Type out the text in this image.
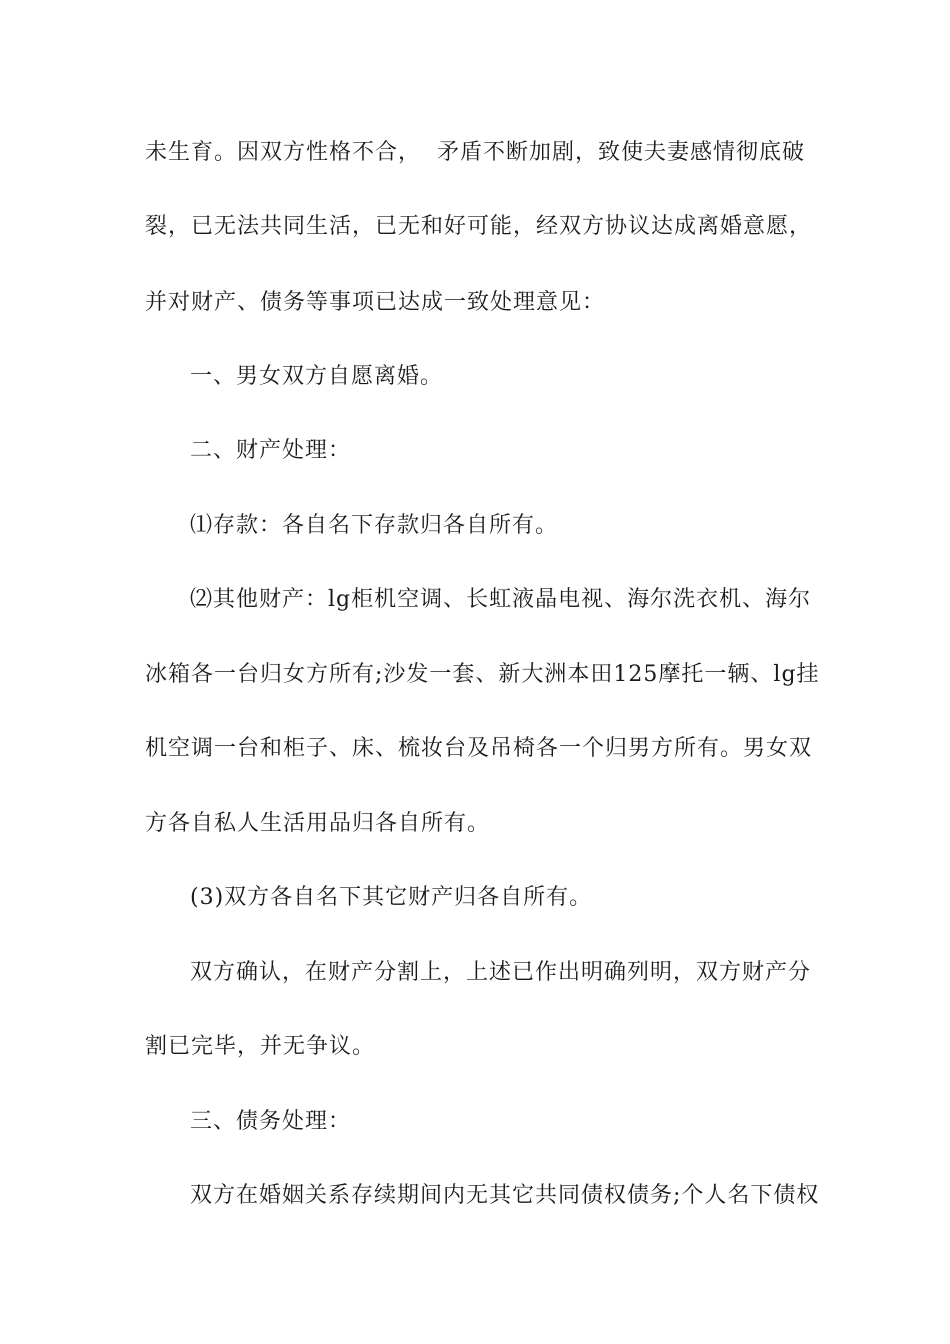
未生育。因双方性格不合，  矛盾不断加剧，致使夫妻感情彻底破
裂，已无法共同生活，已无和好可能，经双方协议达成离婚意愿，
并对财产、债务等事项已达成一致处理意见：
一、男女双方自愿离婚。
二、财产处理：
⑴存款：各自名下存款归各自所有。
⑵其他财产：lg柜机空调、长虹液晶电视、海尔洗衣机、海尔
冰箱各一台归女方所有;沙发一套、新大洲本田125摩托一辆、lg挂
机空调一台和柜子、床、梳妆台及吊椅各一个归男方所有。男女双
方各自私人生活用品归各自所有。
(3)双方各自名下其它财产归各自所有。
双方确认，在财产分割上，上述已作出明确列明，双方财产分
割已完毕，并无争议。
三、债务处理：
双方在婚姻关系存续期间内无其它共同债权债务;个人名下债权
